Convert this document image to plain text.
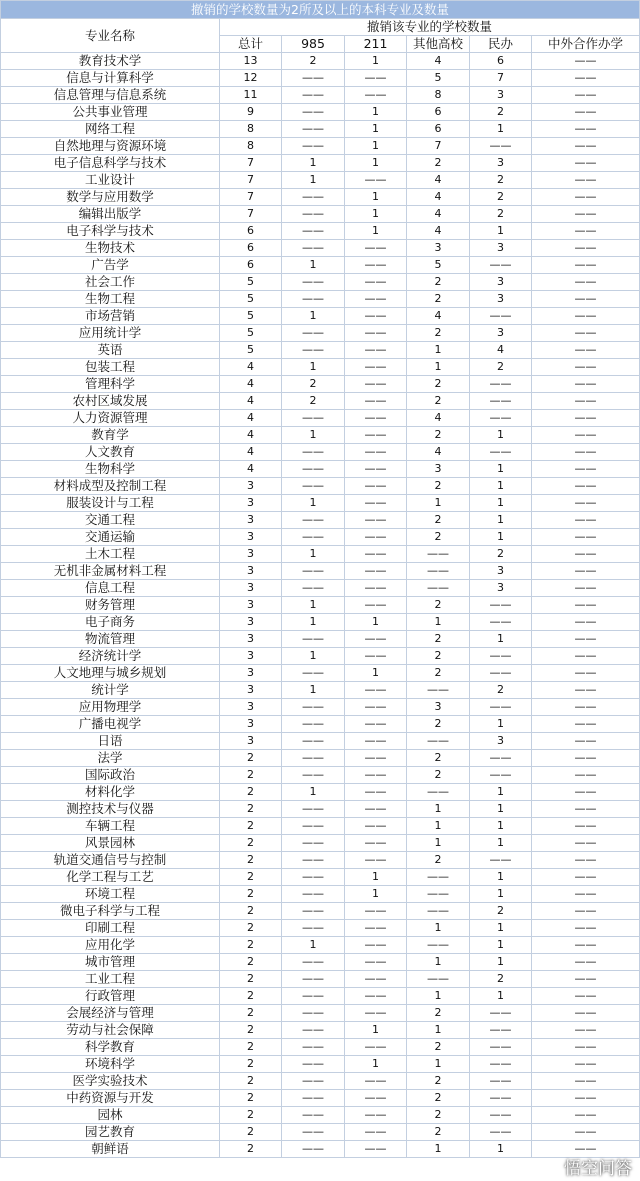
撤销的学校数量为2所及以上的本科专业及数量						
专业名称	撤销该专业的学校数量					
	总计	985	211	其他高校	民办	中外合作办学
教育技术学	13	2	1	4	6	——
信息与计算科学	12	——	——	5	7	——
信息管理与信息系统	11	——	——	8	3	——
公共事业管理	9	——	1	6	2	——
网络工程	8	——	1	6	1	——
自然地理与资源环境	8	——	1	7	——	——
电子信息科学与技术	7	1	1	2	3	——
工业设计	7	1	——	4	2	——
数学与应用数学	7	——	1	4	2	——
编辑出版学	7	——	1	4	2	——
电子科学与技术	6	——	1	4	1	——
生物技术	6	——	——	3	3	——
广告学	6	1	——	5	——	——
社会工作	5	——	——	2	3	——
生物工程	5	——	——	2	3	——
市场营销	5	1	——	4	——	——
应用统计学	5	——	——	2	3	——
英语	5	——	——	1	4	——
包装工程	4	1	——	1	2	——
管理科学	4	2	——	2	——	——
农村区域发展	4	2	——	2	——	——
人力资源管理	4	——	——	4	——	——
教育学	4	1	——	2	1	——
人文教育	4	——	——	4	——	——
生物科学	4	——	——	3	1	——
材料成型及控制工程	3	——	——	2	1	——
服装设计与工程	3	1	——	1	1	——
交通工程	3	——	——	2	1	——
交通运输	3	——	——	2	1	——
土木工程	3	1	——	——	2	——
无机非金属材料工程	3	——	——	——	3	——
信息工程	3	——	——	——	3	——
财务管理	3	1	——	2	——	——
电子商务	3	1	1	1	——	——
物流管理	3	——	——	2	1	——
经济统计学	3	1	——	2	——	——
人文地理与城乡规划	3	——	1	2	——	——
统计学	3	1	——	——	2	——
应用物理学	3	——	——	3	——	——
广播电视学	3	——	——	2	1	——
日语	3	——	——	——	3	——
法学	2	——	——	2	——	——
国际政治	2	——	——	2	——	——
材料化学	2	1	——	——	1	——
测控技术与仪器	2	——	——	1	1	——
车辆工程	2	——	——	1	1	——
风景园林	2	——	——	1	1	——
轨道交通信号与控制	2	——	——	2	——	——
化学工程与工艺	2	——	1	——	1	——
环境工程	2	——	1	——	1	——
微电子科学与工程	2	——	——	——	2	——
印刷工程	2	——	——	1	1	——
应用化学	2	1	——	——	1	——
城市管理	2	——	——	1	1	——
工业工程	2	——	——	——	2	——
行政管理	2	——	——	1	1	——
会展经济与管理	2	——	——	2	——	——
劳动与社会保障	2	——	1	1	——	——
科学教育	2	——	——	2	——	——
环境科学	2	——	1	1	——	——
医学实验技术	2	——	——	2	——	——
中药资源与开发	2	——	——	2	——	——
园林	2	——	——	2	——	——
园艺教育	2	——	——	2	——	——
朝鲜语	2	——	——	1	1	——
悟空问答
